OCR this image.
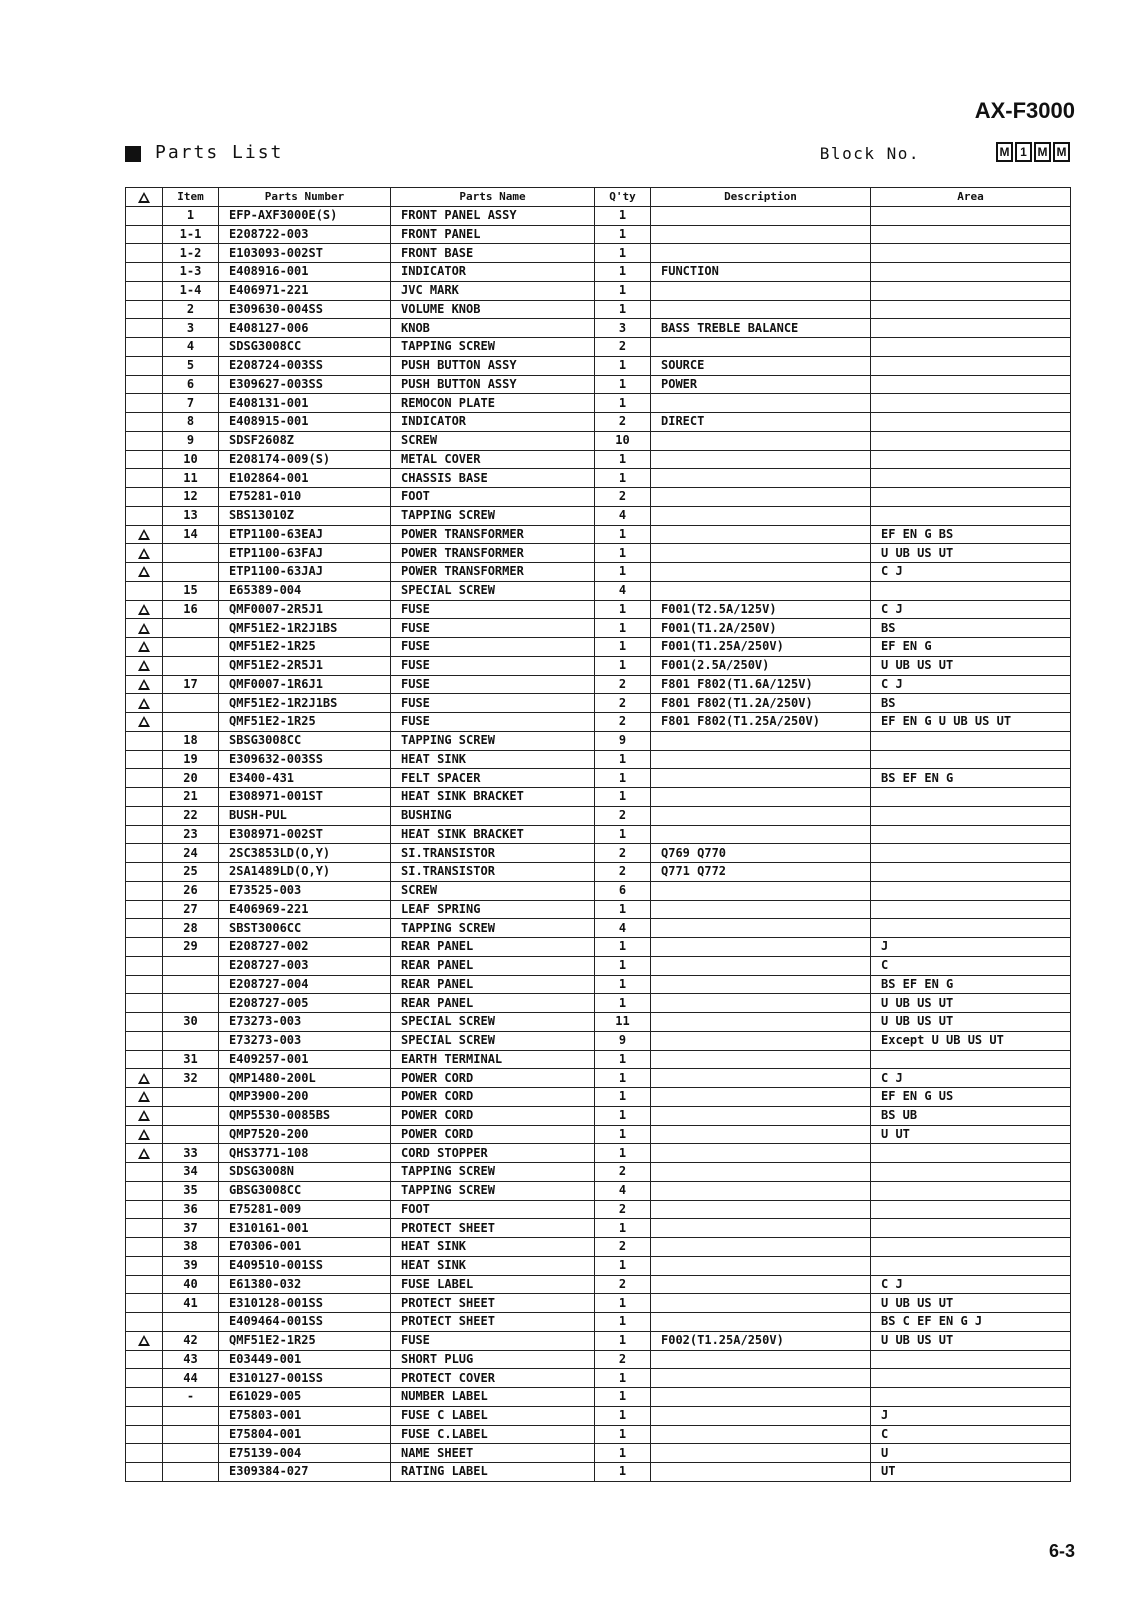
AX-F3000
Parts List	Block No.	M 1 M M
	Item	Parts Number	Parts Name	Q'ty	Description	Area
	1	EFP-AXF3000E(S)	FRONT PANEL ASSY	1		
	1-1	E208722-003	FRONT PANEL	1		
	1-2	E103093-002ST	FRONT BASE	1		
	1-3	E408916-001	INDICATOR	1	FUNCTION	
	1-4	E406971-221	JVC MARK	1		
	2	E309630-004SS	VOLUME KNOB	1		
	3	E408127-006	KNOB	3	BASS TREBLE BALANCE	
	4	SDSG3008CC	TAPPING SCREW	2		
	5	E208724-003SS	PUSH BUTTON ASSY	1	SOURCE	
	6	E309627-003SS	PUSH BUTTON ASSY	1	POWER	
	7	E408131-001	REMOCON PLATE	1		
	8	E408915-001	INDICATOR	2	DIRECT	
	9	SDSF2608Z	SCREW	10		
	10	E208174-009(S)	METAL COVER	1		
	11	E102864-001	CHASSIS BASE	1		
	12	E75281-010	FOOT	2		
	13	SBS13010Z	TAPPING SCREW	4		
	14	ETP1100-63EAJ	POWER TRANSFORMER	1		EF EN G BS
		ETP1100-63FAJ	POWER TRANSFORMER	1		U UB US UT
		ETP1100-63JAJ	POWER TRANSFORMER	1		C J
	15	E65389-004	SPECIAL SCREW	4		
	16	QMF0007-2R5J1	FUSE	1	F001(T2.5A/125V)	C J
		QMF51E2-1R2J1BS	FUSE	1	F001(T1.2A/250V)	BS
		QMF51E2-1R25	FUSE	1	F001(T1.25A/250V)	EF EN G
		QMF51E2-2R5J1	FUSE	1	F001(2.5A/250V)	U UB US UT
	17	QMF0007-1R6J1	FUSE	2	F801 F802(T1.6A/125V)	C J
		QMF51E2-1R2J1BS	FUSE	2	F801 F802(T1.2A/250V)	BS
		QMF51E2-1R25	FUSE	2	F801 F802(T1.25A/250V)	EF EN G U UB US UT
	18	SBSG3008CC	TAPPING SCREW	9		
	19	E309632-003SS	HEAT SINK	1		
	20	E3400-431	FELT SPACER	1		BS EF EN G
	21	E308971-001ST	HEAT SINK BRACKET	1		
	22	BUSH-PUL	BUSHING	2		
	23	E308971-002ST	HEAT SINK BRACKET	1		
	24	2SC3853LD(O,Y)	SI.TRANSISTOR	2	Q769 Q770	
	25	2SA1489LD(O,Y)	SI.TRANSISTOR	2	Q771 Q772	
	26	E73525-003	SCREW	6		
	27	E406969-221	LEAF SPRING	1		
	28	SBST3006CC	TAPPING SCREW	4		
	29	E208727-002	REAR PANEL	1		J
		E208727-003	REAR PANEL	1		C
		E208727-004	REAR PANEL	1		BS EF EN G
		E208727-005	REAR PANEL	1		U UB US UT
	30	E73273-003	SPECIAL SCREW	11		U UB US UT
		E73273-003	SPECIAL SCREW	9		Except U UB US UT
	31	E409257-001	EARTH TERMINAL	1		
	32	QMP1480-200L	POWER CORD	1		C J
		QMP3900-200	POWER CORD	1		EF EN G US
		QMP5530-0085BS	POWER CORD	1		BS UB
		QMP7520-200	POWER CORD	1		U UT
	33	QHS3771-108	CORD STOPPER	1		
	34	SDSG3008N	TAPPING SCREW	2		
	35	GBSG3008CC	TAPPING SCREW	4		
	36	E75281-009	FOOT	2		
	37	E310161-001	PROTECT SHEET	1		
	38	E70306-001	HEAT SINK	2		
	39	E409510-001SS	HEAT SINK	1		
	40	E61380-032	FUSE LABEL	2		C J
	41	E310128-001SS	PROTECT SHEET	1		U UB US UT
		E409464-001SS	PROTECT SHEET	1		BS C EF EN G J
	42	QMF51E2-1R25	FUSE	1	F002(T1.25A/250V)	U UB US UT
	43	E03449-001	SHORT PLUG	2		
	44	E310127-001SS	PROTECT COVER	1		
	-	E61029-005	NUMBER LABEL	1		
		E75803-001	FUSE C LABEL	1		J
		E75804-001	FUSE C.LABEL	1		C
		E75139-004	NAME SHEET	1		U
		E309384-027	RATING LABEL	1		UT
6-3
